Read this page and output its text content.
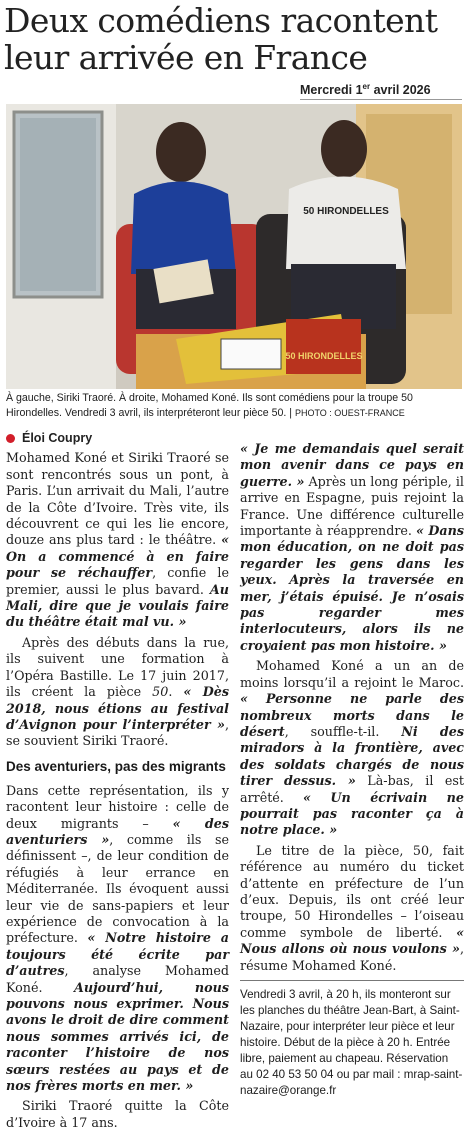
Deux comédiens racontent
leur arrivée en France
Mercredi 1er avril 2026
50 HIRONDELLES
50 HIRONDELLES
À gauche, Siriki Traoré. À droite, Mohamed Koné. Ils sont comédiens pour la troupe 50 Hirondelles. Vendredi 3 avril, ils interpréteront leur pièce 50. | PHOTO : OUEST-FRANCE
Éloi Coupry

Mohamed Koné et Siriki Traoré se sont rencontrés sous un pont, à Paris. L’un arrivait du Mali, l’autre de la Côte d’Ivoire. Très vite, ils découvrent ce qui les lie encore, douze ans plus tard : le théâtre. « On a commencé à en faire pour se réchauffer, confie le premier, aussi le plus bavard. Au Mali, dire que je voulais faire du théâtre était mal vu. »

Après des débuts dans la rue, ils suivent une formation à l’Opéra Bastille. Le 17 juin 2017, ils créent la pièce 50. « Dès 2018, nous étions au festival d’Avignon pour l’interpréter », se souvient Siriki Traoré.

Des aventuriers, pas des migrants

Dans cette représentation, ils y racontent leur histoire : celle de deux migrants – « des aventuriers », comme ils se définissent –, de leur condition de réfugiés à leur errance en Méditerranée. Ils évoquent aussi leur vie de sans-papiers et leur expérience de convocation à la préfecture. « Notre histoire a toujours été écrite par d’autres, analyse Mohamed Koné. Aujourd’hui, nous pouvons nous exprimer. Nous avons le droit de dire comment nous sommes arrivés ici, de raconter l’histoire de nos sœurs restées au pays et de nos frères morts en mer. »

Siriki Traoré quitte la Côte d’Ivoire à 17 ans.

« Je me demandais quel serait mon avenir dans ce pays en guerre. » Après un long périple, il arrive en Espagne, puis rejoint la France. Une différence culturelle importante à réapprendre. « Dans mon éducation, on ne doit pas regarder les gens dans les yeux. Après la traversée en mer, j’étais épuisé. Je n’osais pas regarder mes interlocuteurs, alors ils ne croyaient pas mon histoire. »

Mohamed Koné a un an de moins lorsqu’il a rejoint le Maroc. « Personne ne parle des nombreux morts dans le désert, souffle-t-il. Ni des miradors à la frontière, avec des soldats chargés de nous tirer dessus. » Là-bas, il est arrêté. « Un écrivain ne pourrait pas raconter ça à notre place. »

Le titre de la pièce, 50, fait référence au numéro du ticket d’attente en préfecture de l’un d’eux. Depuis, ils ont créé leur troupe, 50 Hirondelles – l’oiseau comme symbole de liberté. « Nous allons où nous voulons », résume Mohamed Koné.

Vendredi 3 avril, à 20 h, ils monteront sur les planches du théâtre Jean-Bart, à Saint-Nazaire, pour interpréter leur pièce et leur histoire. Début de la pièce à 20 h. Entrée libre, paiement au chapeau. Réservation au 02 40 53 50 04 ou par mail : mrap-saint-nazaire@orange.fr
